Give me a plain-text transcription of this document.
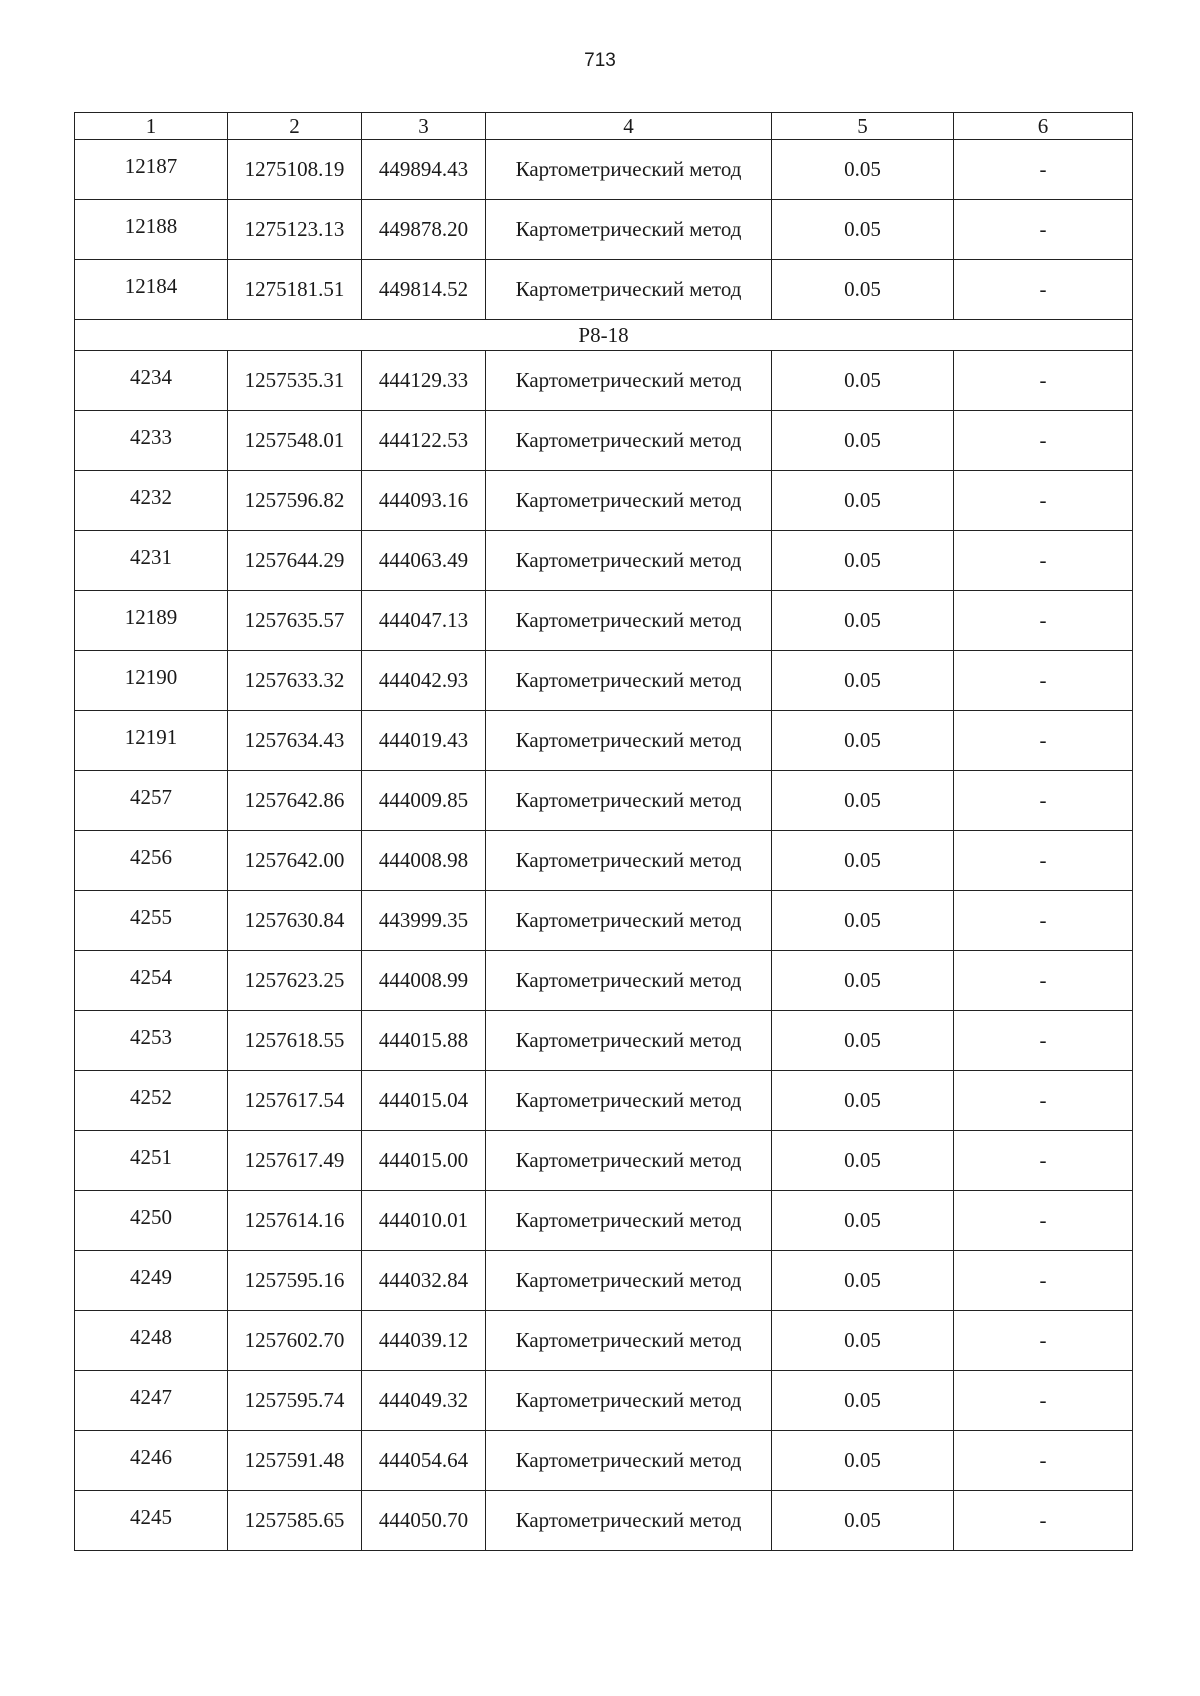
713
1	2	3	4	5	6
12187	1275108.19	449894.43	Картометрический метод	0.05	-
12188	1275123.13	449878.20	Картометрический метод	0.05	-
12184	1275181.51	449814.52	Картометрический метод	0.05	-
Р8-18					
4234	1257535.31	444129.33	Картометрический метод	0.05	-
4233	1257548.01	444122.53	Картометрический метод	0.05	-
4232	1257596.82	444093.16	Картометрический метод	0.05	-
4231	1257644.29	444063.49	Картометрический метод	0.05	-
12189	1257635.57	444047.13	Картометрический метод	0.05	-
12190	1257633.32	444042.93	Картометрический метод	0.05	-
12191	1257634.43	444019.43	Картометрический метод	0.05	-
4257	1257642.86	444009.85	Картометрический метод	0.05	-
4256	1257642.00	444008.98	Картометрический метод	0.05	-
4255	1257630.84	443999.35	Картометрический метод	0.05	-
4254	1257623.25	444008.99	Картометрический метод	0.05	-
4253	1257618.55	444015.88	Картометрический метод	0.05	-
4252	1257617.54	444015.04	Картометрический метод	0.05	-
4251	1257617.49	444015.00	Картометрический метод	0.05	-
4250	1257614.16	444010.01	Картометрический метод	0.05	-
4249	1257595.16	444032.84	Картометрический метод	0.05	-
4248	1257602.70	444039.12	Картометрический метод	0.05	-
4247	1257595.74	444049.32	Картометрический метод	0.05	-
4246	1257591.48	444054.64	Картометрический метод	0.05	-
4245	1257585.65	444050.70	Картометрический метод	0.05	-
